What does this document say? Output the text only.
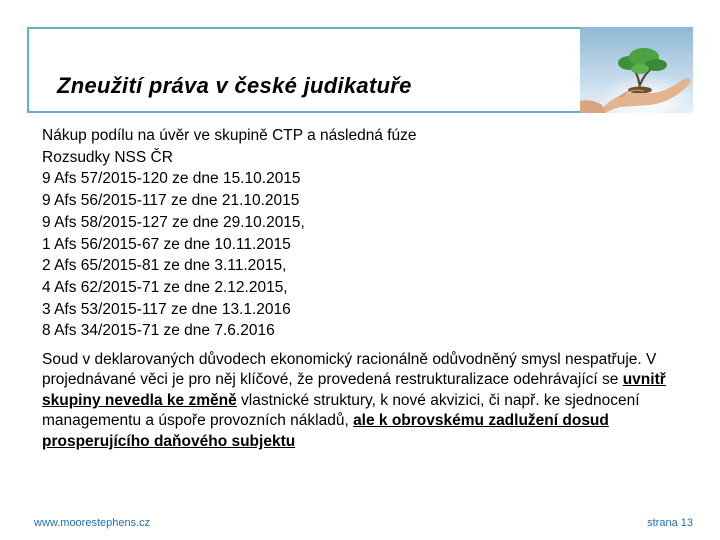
Zneužití práva v české judikatuře
Nákup podílu na úvěr ve skupině CTP a následná fúze
Rozsudky NSS ČR
9 Afs 57/2015-120 ze dne 15.10.2015
9 Afs 56/2015-117 ze dne 21.10.2015
9 Afs 58/2015-127 ze dne 29.10.2015,
1 Afs 56/2015-67 ze dne 10.11.2015
2 Afs 65/2015-81 ze dne 3.11.2015,
4 Afs 62/2015-71 ze dne 2.12.2015,
3 Afs 53/2015-117 ze dne 13.1.2016
8 Afs 34/2015-71 ze dne 7.6.2016

Soud v deklarovaných důvodech ekonomický racionálně odůvodněný smysl nespatřuje. V projednávané věci je pro něj klíčové, že provedená restrukturalizace odehrávající se uvnitř skupiny nevedla ke změně vlastnické struktury, k nové akvizici, či např. ke sjednocení managementu a úspoře provozních nákladů, ale k obrovskému zadlužení dosud prosperujícího daňového subjektu

www.moorestephens.cz	strana 13
